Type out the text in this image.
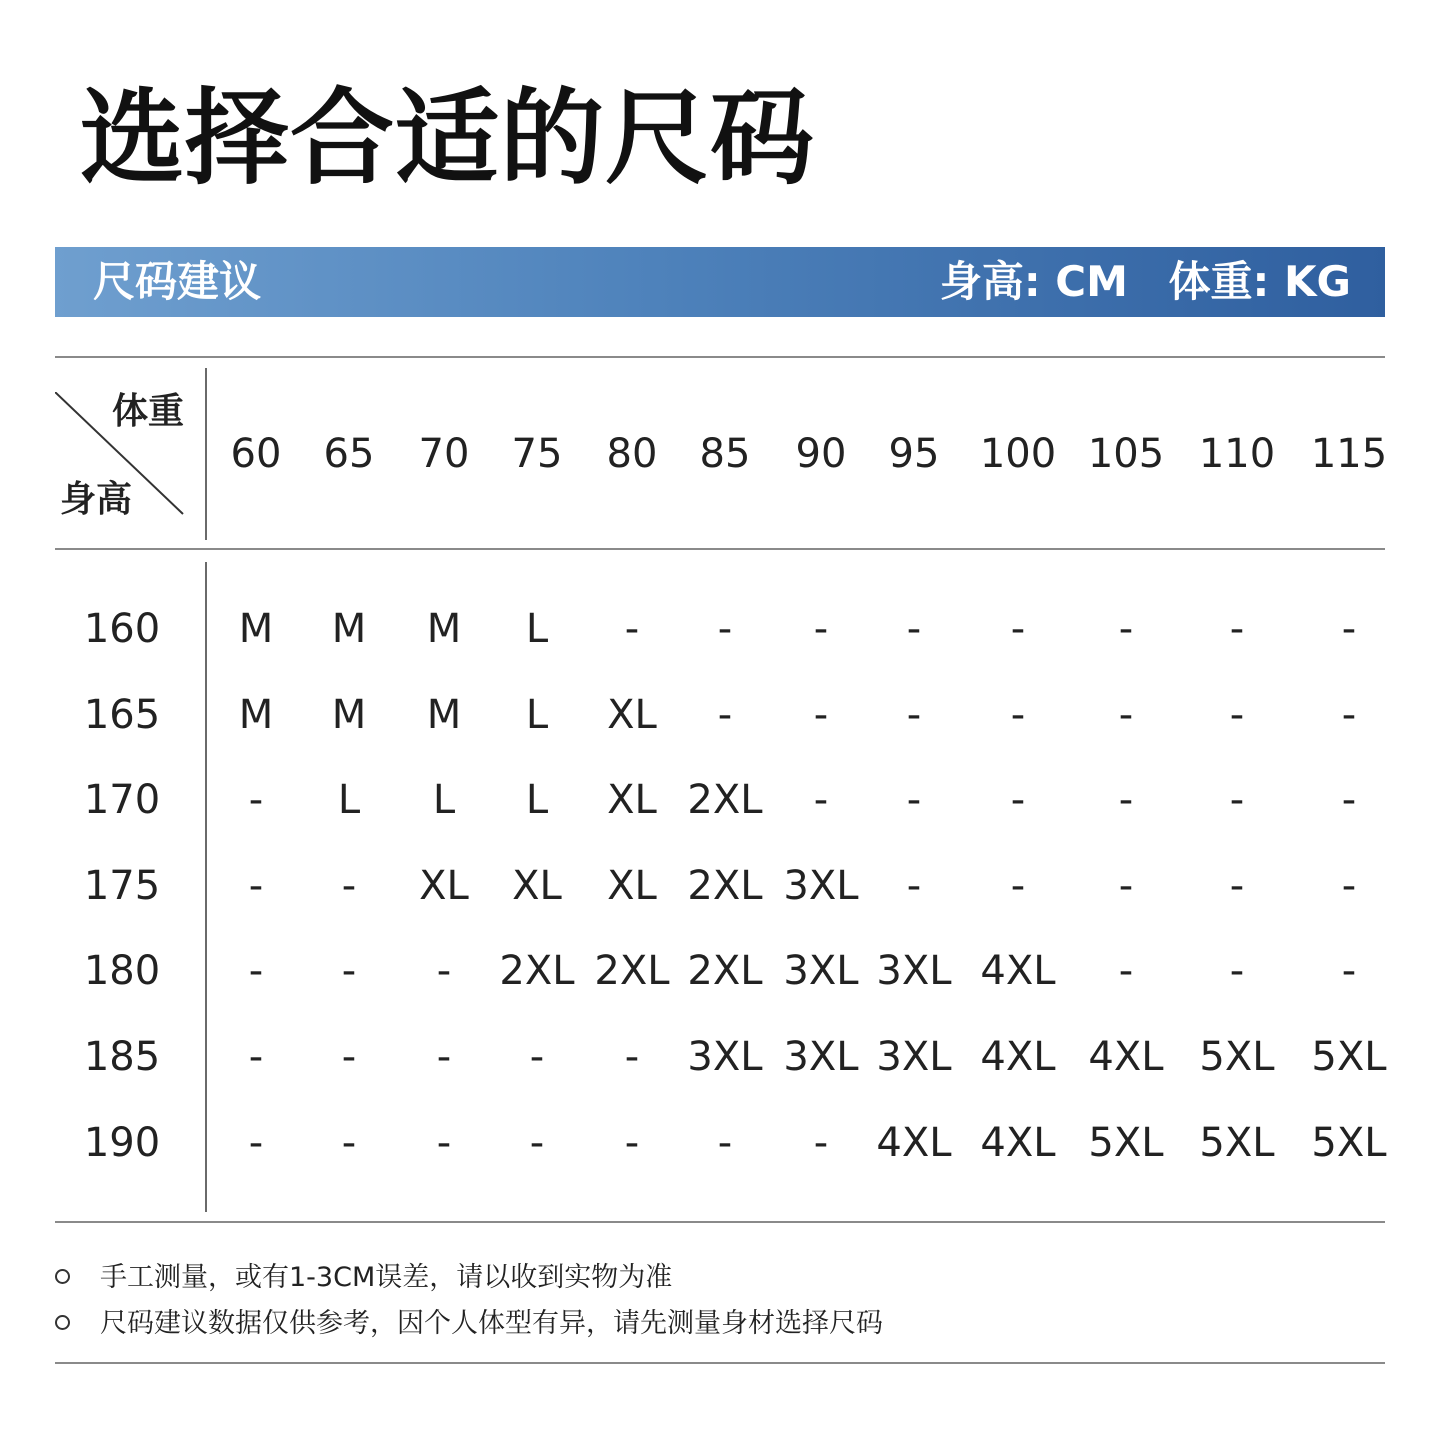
选择合适的尺码
尺码建议	身高: CM 体重: KG
体重
身高
60	65	70	75	80	85	90	95	100 105 110 115
160	M	M	M	L	-	-	-	-	-	-	-	-
165	M	M	M	L	XL	-	-	-	-	-	-	-
170	-	L	L	L	XL 2XL	-	-	-	-	-	-
175	-	-	XL	XL	XL 2XL 3XL	-	-	-	-	-
180	-	-	-	2XL 2XL 2XL 3XL 3XL 4XL	-	-	-
185	-	-	-	-	-	3XL 3XL 3XL 4XL 4XL 5XL 5XL
190	-	-	-	-	-	-	-	4XL 4XL 5XL 5XL 5XL
手工测量，或有1-3CM误差，请以收到实物为准
尺码建议数据仅供参考，因个人体型有异，请先测量身材选择尺码
